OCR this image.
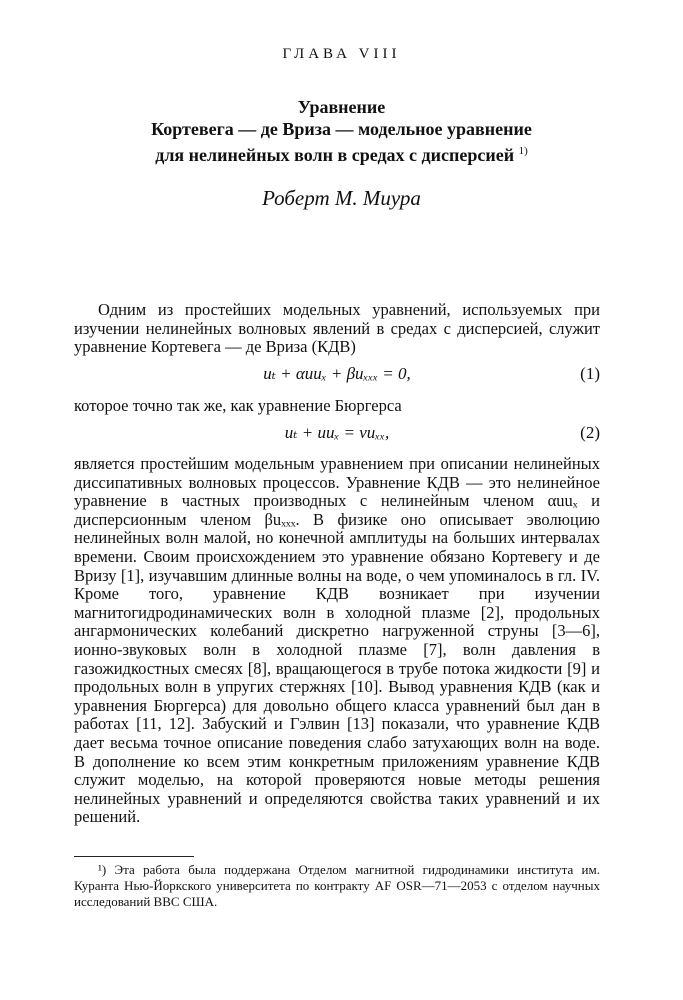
ГЛАВА VIII
Уравнение
Кортевега — де Вриза — модельное уравнение
для нелинейных волн в средах с дисперсией $^{1)}$
Роберт М. Миура
Одним из простейших модельных уравнений, используемых при изучении нелинейных волновых явлений в средах с дисперсией, служит уравнение Кортевега — де Вриза (КДВ)
uₜ + αuuₓ + βuₓₓₓ = 0,	(1)
которое точно так же, как уравнение Бюргерса
uₜ + uuₓ = νuₓₓ,	(2)
является простейшим модельным уравнением при описании нелинейных диссипативных волновых процессов. Уравнение КДВ — это нелинейное уравнение в частных производных с нелинейным членом αuuₓ и дисперсионным членом βuₓₓₓ. В физике оно описывает эволюцию нелинейных волн малой, но конечной амплитуды на больших интервалах времени. Своим происхождением это уравнение обязано Кортевегу и де Вризу [1], изучавшим длинные волны на воде, о чем упоминалось в гл. IV. Кроме того, уравнение КДВ возникает при изучении магнитогидродинамических волн в холодной плазме [2], продольных ангармонических колебаний дискретно нагруженной струны [3—6], ионно-звуковых волн в холодной плазме [7], волн давления в газожидкостных смесях [8], вращающегося в трубе потока жидкости [9] и продольных волн в упругих стержнях [10]. Вывод уравнения КДВ (как и уравнения Бюргерса) для довольно общего класса уравнений был дан в работах [11, 12]. Забуский и Гэлвин [13] показали, что уравнение КДВ дает весьма точное описание поведения слабо затухающих волн на воде. В дополнение ко всем этим конкретным приложениям уравнение КДВ служит моделью, на которой проверяются новые методы решения нелинейных уравнений и определяются свойства таких уравнений и их решений.
¹) Эта работа была поддержана Отделом магнитной гидродинамики института им. Куранта Нью-Йоркского университета по контракту AF OSR—71—2053 с отделом научных исследований ВВС США.
